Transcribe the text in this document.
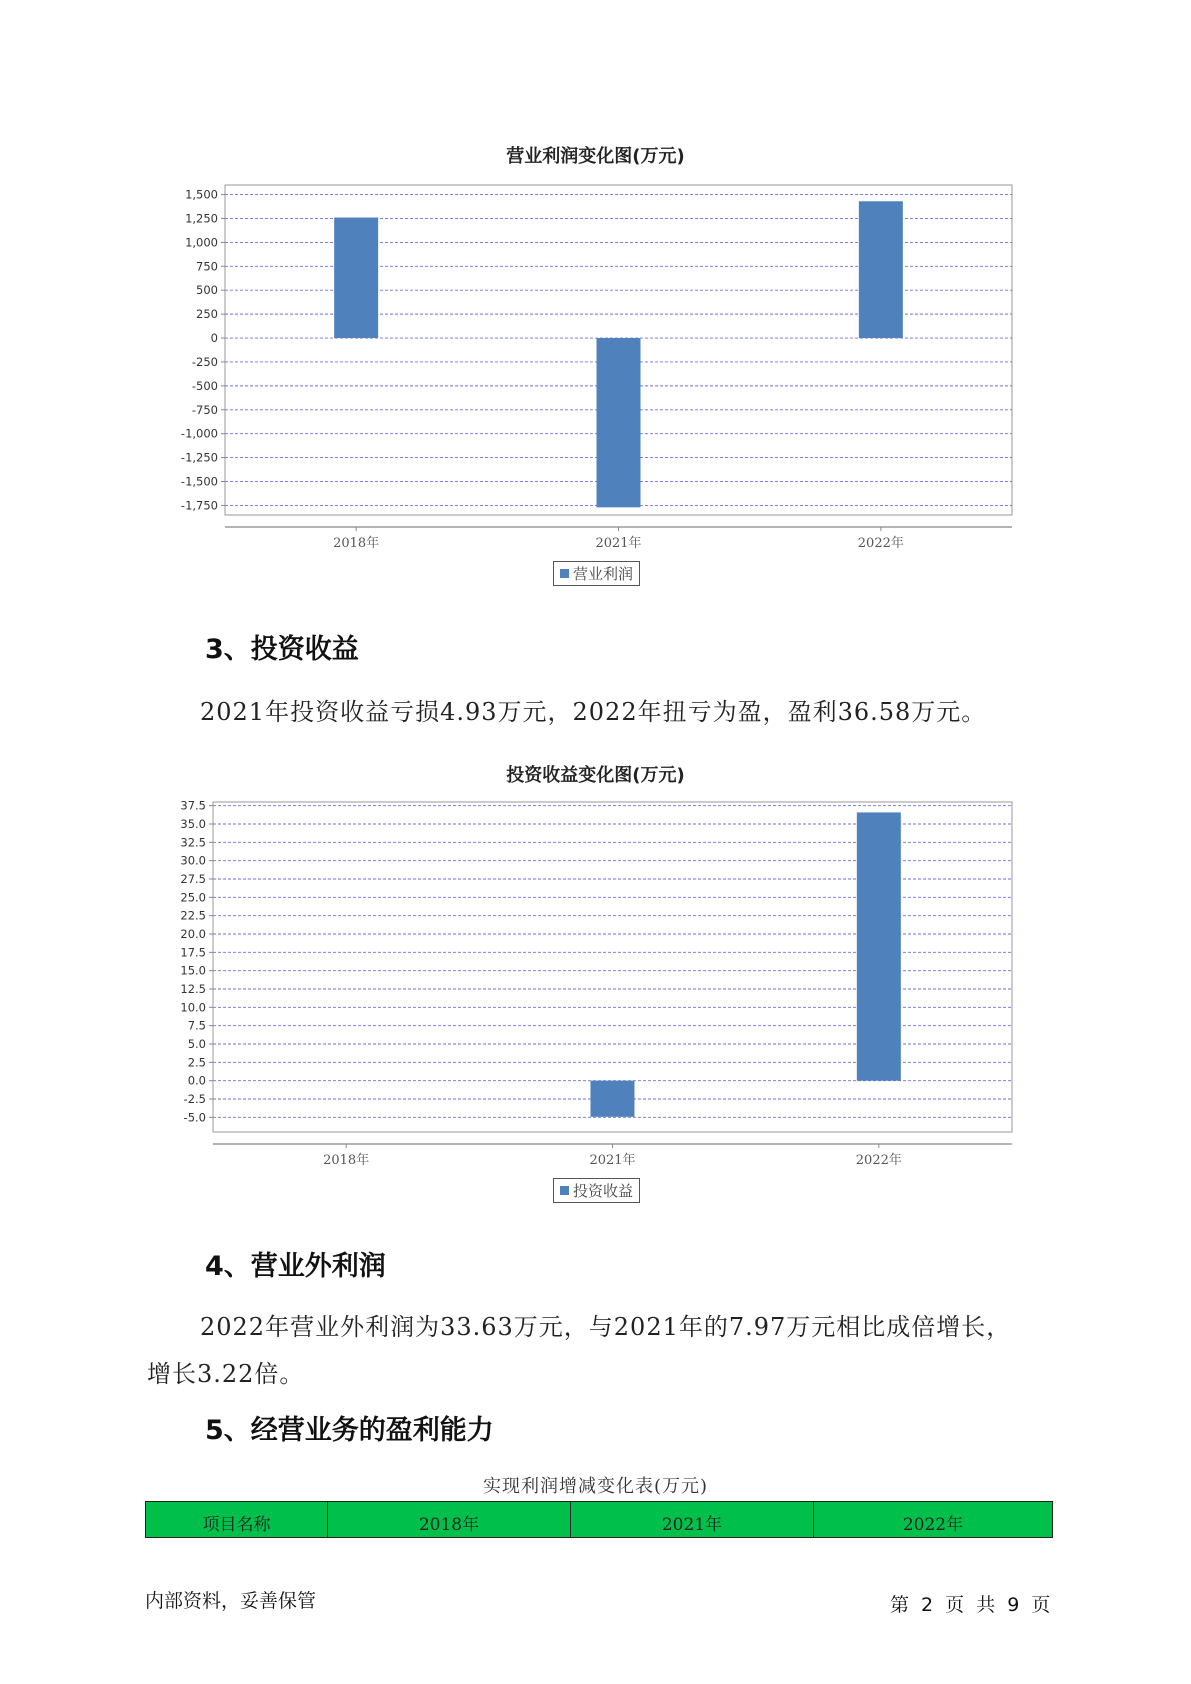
营业利润变化图(万元)
1,500
1,250
1,000
750
500
250
0
-250
-500
-750
-1,000
-1,250
-1,500
-1,750
2018年	2021年	2022年
营业利润
3、投资收益
2021年投资收益亏损4.93万元，2022年扭亏为盈，盈利36.58万元。
投资收益变化图(万元)
37.5
35.0
32.5
30.0
27.5
25.0
22.5
20.0
17.5
15.0
12.5
10.0
7.5
5.0
2.5
0.0
-2.5
-5.0
2018年	2021年	2022年
投资收益
4、营业外利润
2022年营业外利润为33.63万元，与2021年的7.97万元相比成倍增长，
增长3.22倍。
5、经营业务的盈利能力
实现利润增减变化表(万元)
项目名称	2018年	2021年	2022年
内部资料，妥善保管	第 2 页 共 9 页
